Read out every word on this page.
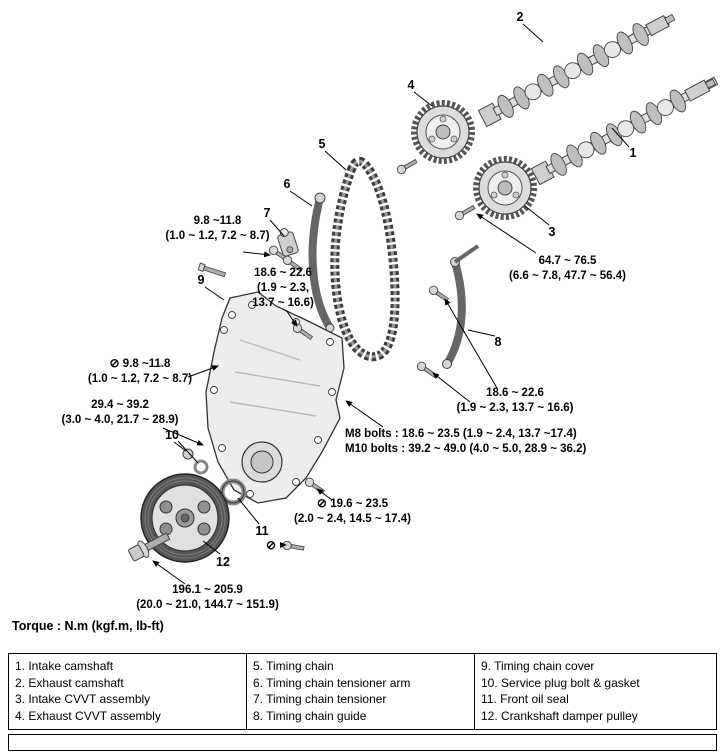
1
2
3
4
5
6
7
8
9
10
11
12
9.8 ~11.8
(1.0 ~ 1.2, 7.2 ~ 8.7)
18.6 ~ 22.6
(1.9 ~ 2.3,
13.7 ~ 16.6)
64.7 ~ 76.5
(6.6 ~ 7.8, 47.7 ~ 56.4)
⊘ 9.8 ~11.8
(1.0 ~ 1.2, 7.2 ~ 8.7)
29.4 ~ 39.2
(3.0 ~ 4.0, 21.7 ~ 28.9)
18.6 ~ 22.6
(1.9 ~ 2.3, 13.7 ~ 16.6)
M8 bolts : 18.6 ~ 23.5 (1.9 ~ 2.4, 13.7 ~17.4)
M10 bolts : 39.2 ~ 49.0 (4.0 ~ 5.0, 28.9 ~ 36.2)
⊘ 19.6 ~ 23.5
(2.0 ~ 2.4, 14.5 ~ 17.4)
196.1 ~ 205.9
(20.0 ~ 21.0, 144.7 ~ 151.9)
⊘
Torque : N.m (kgf.m, lb-ft)
1. Intake camshaft
2. Exhaust camshaft
3. Intake CVVT assembly
4. Exhaust CVVT assembly
5. Timing chain
6. Timing chain tensioner arm
7. Timing chain tensioner
8. Timing chain guide
9. Timing chain cover
10. Service plug bolt & gasket
11. Front oil seal
12. Crankshaft damper pulley
